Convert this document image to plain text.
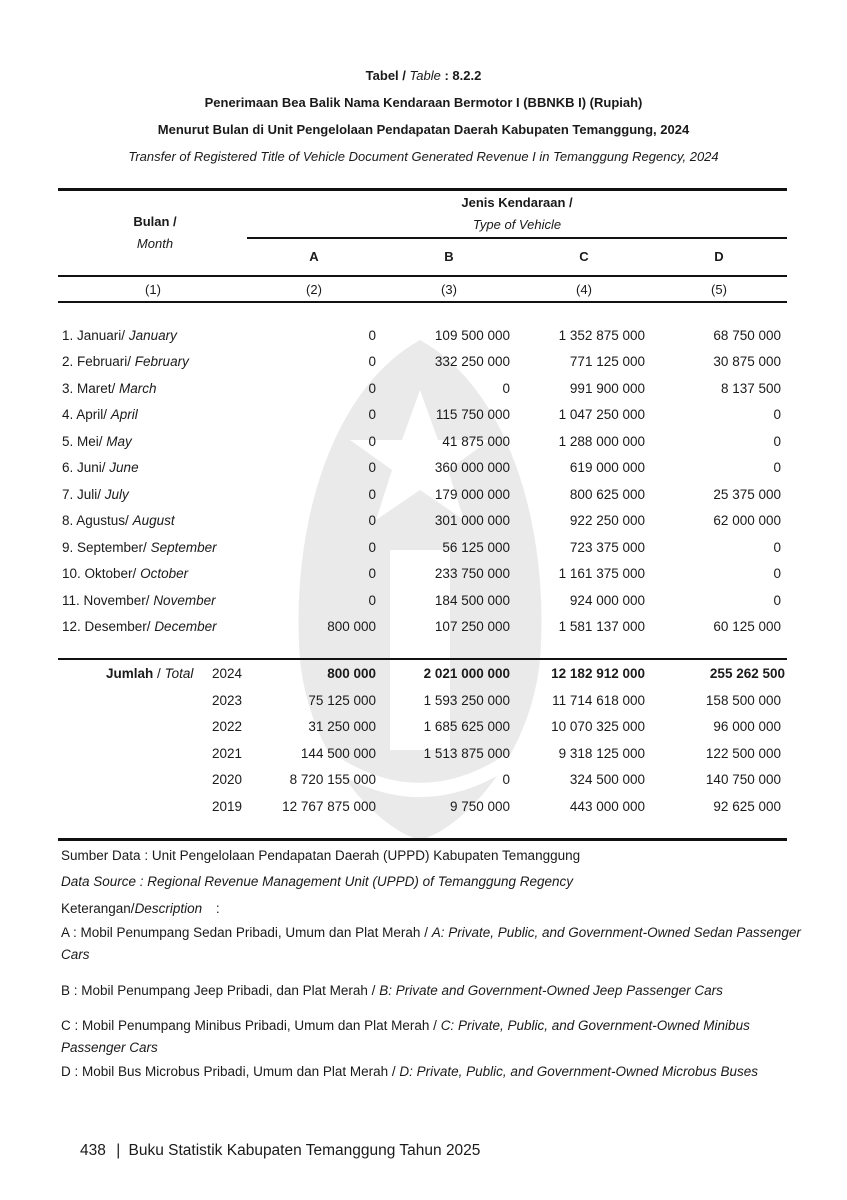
Tabel / Table : 8.2.2
Penerimaan Bea Balik Nama Kendaraan Bermotor I (BBNKB I) (Rupiah)
Menurut Bulan di Unit Pengelolaan Pendapatan Daerah Kabupaten Temanggung, 2024
Transfer of Registered Title of Vehicle Document Generated Revenue I in Temanggung Regency, 2024
Bulan /
Month
Jenis Kendaraan /
Type of Vehicle
A	B	C	D
(1)	(2)	(3)	(4)	(5)
1. Januari/ January	0	109 500 000	1 352 875 000	68 750 000
2. Februari/ February	0	332 250 000	771 125 000	30 875 000
3. Maret/ March	0	0	991 900 000	8 137 500
4. April/ April	0	115 750 000	1 047 250 000	0
5. Mei/ May	0	41 875 000	1 288 000 000	0
6. Juni/ June	0	360 000 000	619 000 000	0
7. Juli/ July	0	179 000 000	800 625 000	25 375 000
8. Agustus/ August	0	301 000 000	922 250 000	62 000 000
9. September/ September	0	56 125 000	723 375 000	0
10. Oktober/ October	0	233 750 000	1 161 375 000	0
11. November/ November	0	184 500 000	924 000 000	0
12. Desember/ December	800 000	107 250 000	1 581 137 000	60 125 000
Jumlah / Total 2024	800 000	2 021 000 000	12 182 912 000	255 262 500
2023	75 125 000	1 593 250 000	11 714 618 000	158 500 000
2022	31 250 000	1 685 625 000	10 070 325 000	96 000 000
2021	144 500 000	1 513 875 000	9 318 125 000	122 500 000
2020	8 720 155 000	0	324 500 000	140 750 000
2019	12 767 875 000	9 750 000	443 000 000	92 625 000
Sumber Data : Unit Pengelolaan Pendapatan Daerah (UPPD) Kabupaten Temanggung
Data Source : Regional Revenue Management Unit (UPPD) of Temanggung Regency
Keterangan/Description :
A : Mobil Penumpang Sedan Pribadi, Umum dan Plat Merah / A: Private, Public, and Government-Owned Sedan Passenger Cars
B : Mobil Penumpang Jeep Pribadi, dan Plat Merah / B: Private and Government-Owned Jeep Passenger Cars
C : Mobil Penumpang Minibus Pribadi, Umum dan Plat Merah / C: Private, Public, and Government-Owned Minibus Passenger Cars
D : Mobil Bus Microbus Pribadi, Umum dan Plat Merah / D: Private, Public, and Government-Owned Microbus Buses
438 | Buku Statistik Kabupaten Temanggung Tahun 2025
